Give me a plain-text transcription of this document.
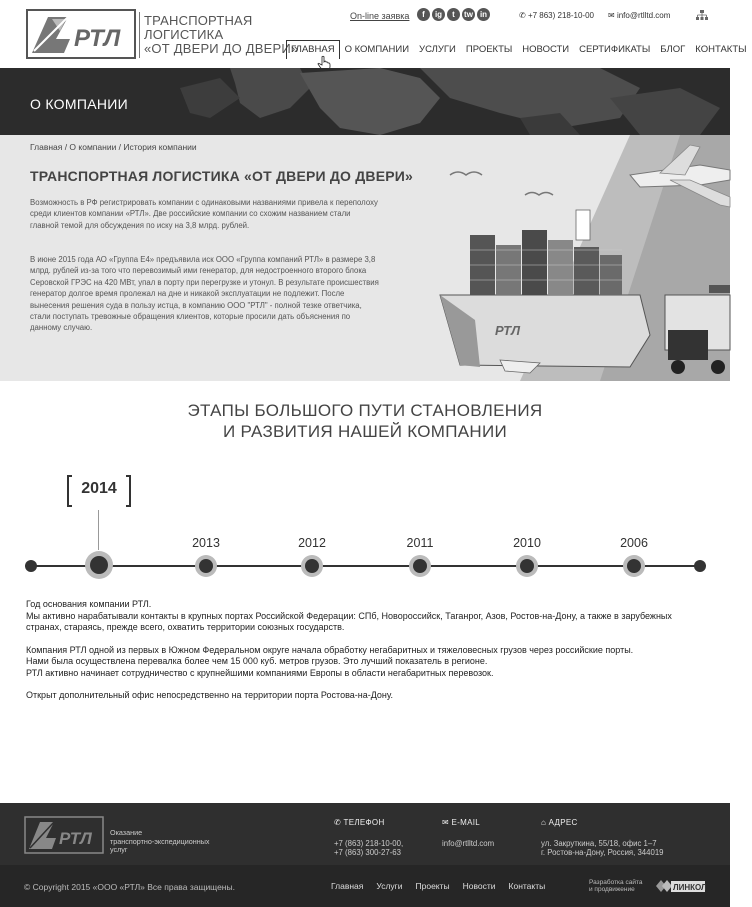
РТЛ
ТРАНСПОРТНАЯ
ЛОГИСТИКА
«ОТ ДВЕРИ ДО ДВЕРИ»
On-line заявка	f	ig	t	tw in	✆ +7 863) 218-10-00 ✉ info@rtlltd.com
ГЛАВНАЯ	О КОМПАНИИ	УСЛУГИ	ПРОЕКТЫ	НОВОСТИ	СЕРТИФИКАТЫ	БЛОГ	КОНТАКТЫ
О КОМПАНИИ
РТЛ
Главная / О компании / История компании
ТРАНСПОРТНАЯ ЛОГИСТИКА «ОТ ДВЕРИ ДО ДВЕРИ»
Возможность в РФ регистрировать компании с одинаковыми названиями привела к переполоху среди клиентов компании «РТЛ». Две российские компании со схожим названием стали главной темой для обсуждения по иску на 3,8 млрд. рублей.
В июне 2015 года АО «Группа Е4» предъявила иск ООО «Группа компаний РТЛ» в размере 3,8 млрд. рублей из-за того что перевозимый ими генератор, для недостроенного второго блока Серовской ГРЭС на 420 МВт, упал в порту при перегрузке и утонул. В результате происшествия генератор долгое время пролежал на дне и никакой эксплуатации не подлежит. После вынесения решения суда в пользу истца, в компанию ООО "РТЛ" - полной тезке ответчика, стали поступать тревожные обращения клиентов, которые просили дать объяснения по данному случаю.
ЭТАПЫ БОЛЬШОГО ПУТИ СТАНОВЛЕНИЯ
И РАЗВИТИЯ НАШЕЙ КОМПАНИИ
2014
2013	2012	2011	2010	2006

Год основания компании РТЛ.
Мы активно нарабатывали контакты в крупных портах Российской Федерации: СПб, Новороссийск, Таганрог, Азов, Ростов-на-Дону, а также в зарубежных странах, стараясь, прежде всего, охватить территории союзных государств.

Компания РТЛ одной из первых в Южном Федеральном округе начала обработку негабаритных и тяжеловесных грузов через российские порты.
Нами была осуществлена перевалка более чем 15 000 куб. метров грузов. Это лучший показатель в регионе.
РТЛ активно начинает сотрудничество с крупнейшими компаниями Европы в области негабаритных перевозок.

Открыт дополнительный офис непосредственно на территории порта Ростова-на-Дону.

РТЛ	Оказание
транспортно-экспедиционных
услуг
✆ ТЕЛЕФОН
+7 (863) 218-10-00,
+7 (863) 300-27-63
✉ E-MAIL
info@rtlltd.com
⌂ АДРЕС
ул. Закруткина, 55/18, офис 1–7
г. Ростов-на-Дону, Россия, 344019
© Copyright 2015 «ООО «РТЛ» Все права защищены.	Главная Услуги Проекты Новости Контакты	Разработка сайта
и продвижение	ЛИНКОЛ
